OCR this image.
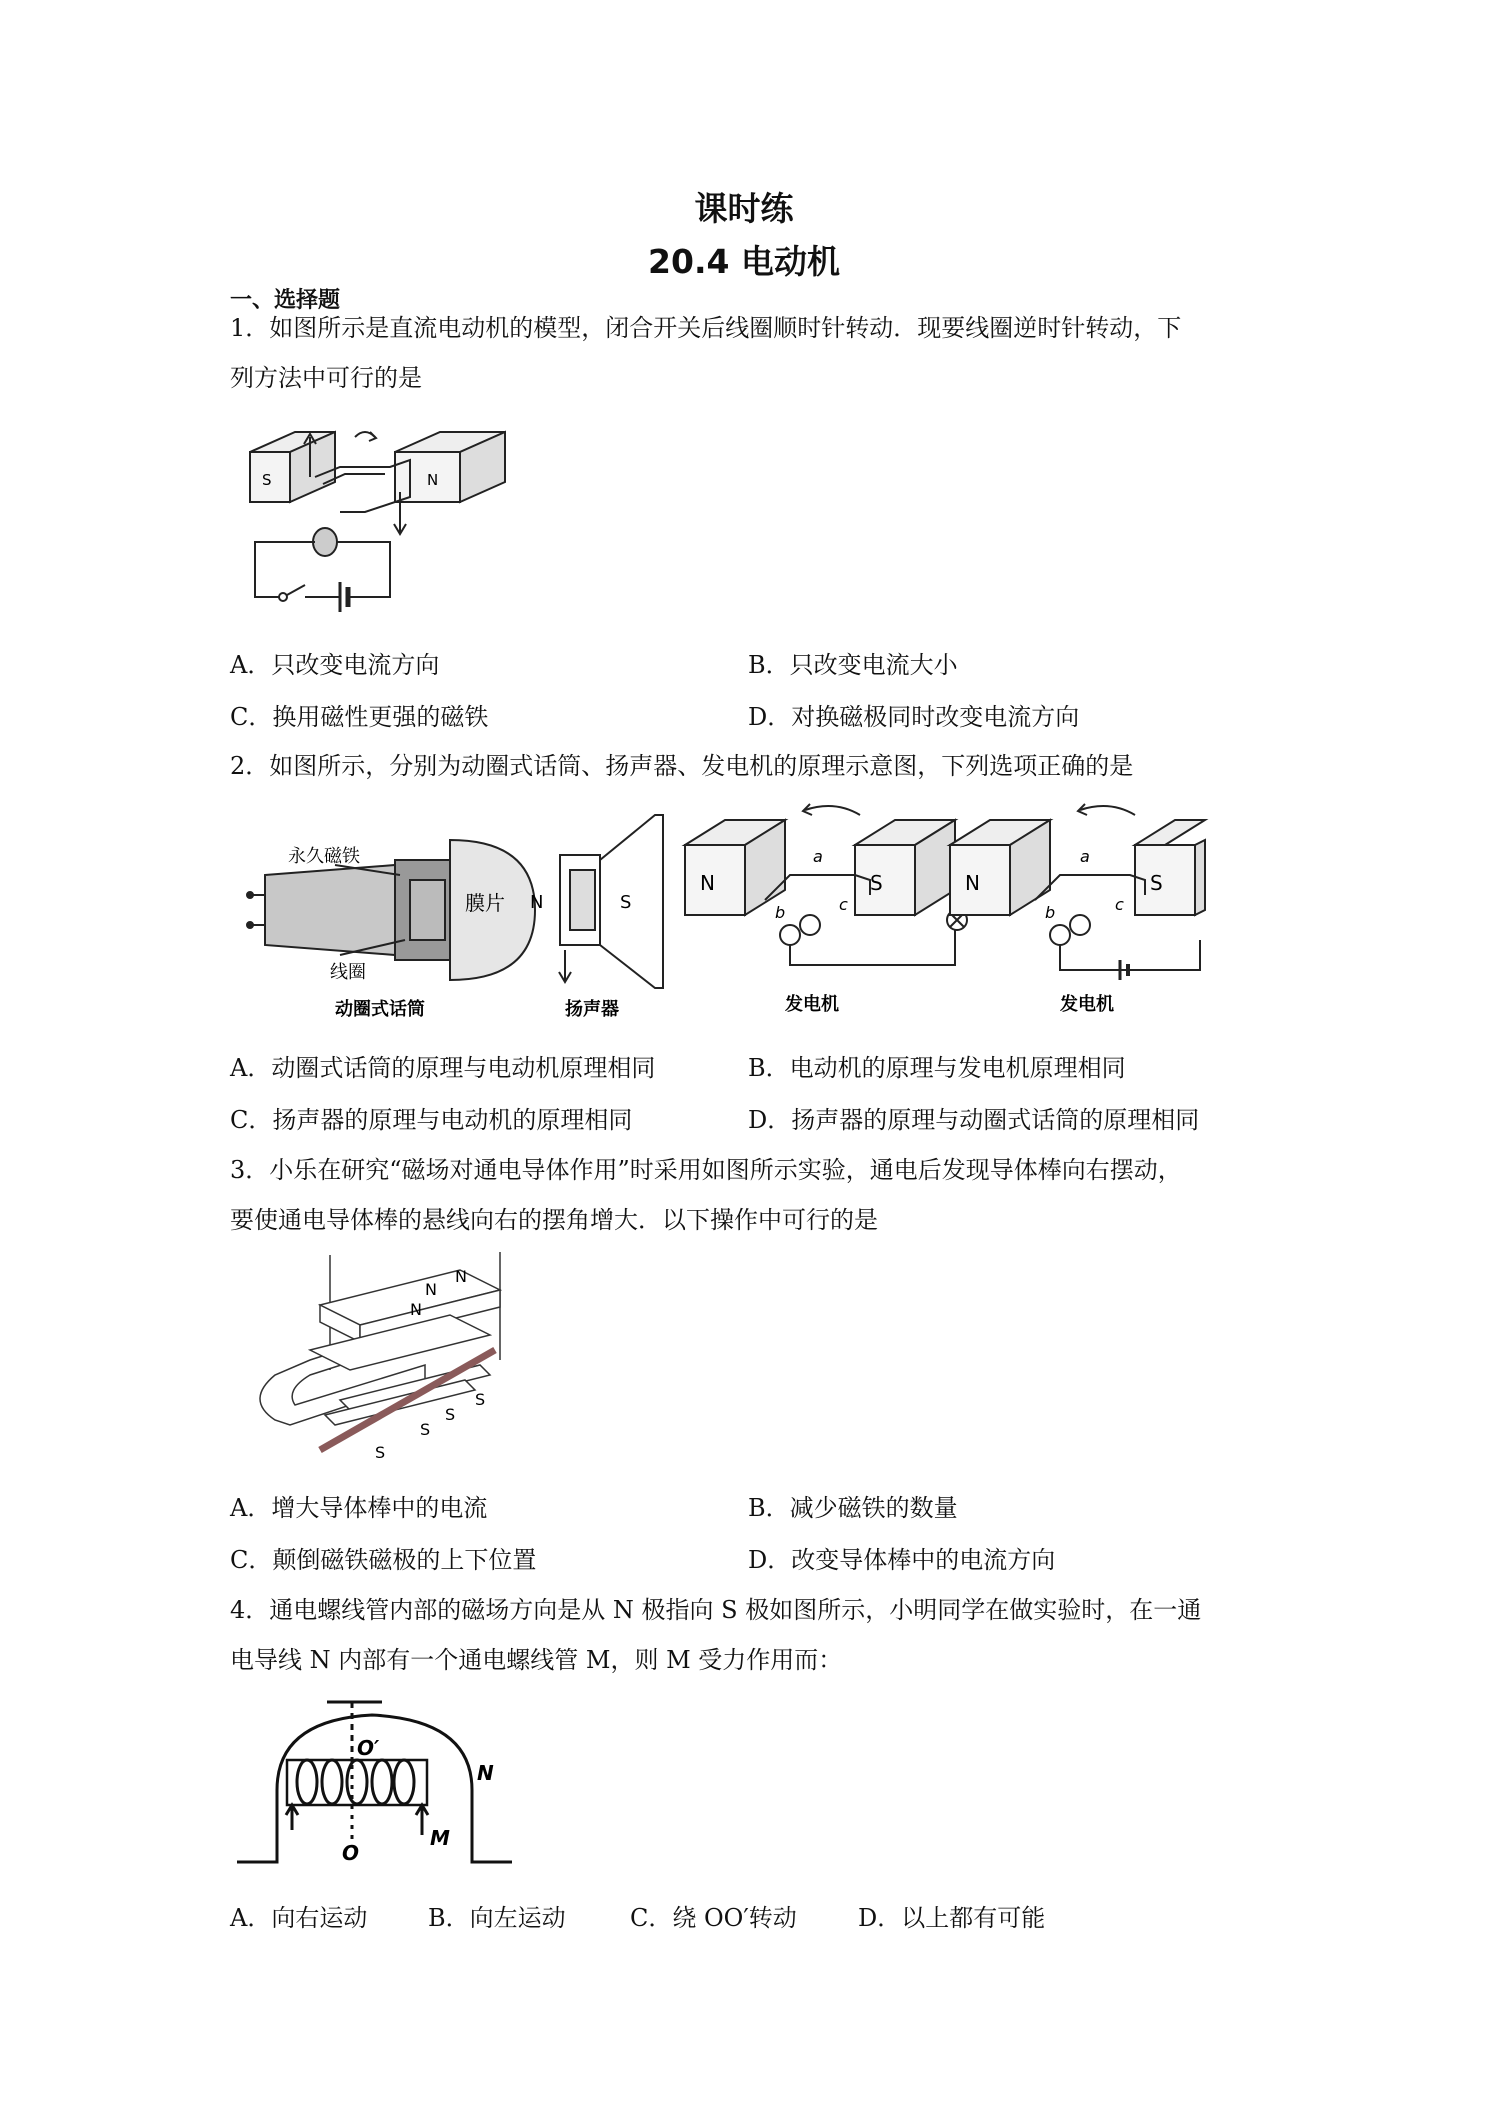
课时练
20.4 电动机
一、选择题
1．如图所示是直流电动机的模型，闭合开关后线圈顺时针转动．现要线圈逆时针转动，下
列方法中可行的是
S	N
A．只改变电流方向	B．只改变电流大小
C．换用磁性更强的磁铁	D．对换磁极同时改变电流方向
2．如图所示，分别为动圈式话筒、扬声器、发电机的原理示意图，下列选项正确的是
永久磁铁
线圈
膜片
动圈式话筒
N	S
扬声器
N	S
a
b	c
发电机
N	S
a
b	c
发电机
A．动圈式话筒的原理与电动机原理相同	B．电动机的原理与发电机原理相同
C．扬声器的原理与电动机的原理相同	D．扬声器的原理与动圈式话筒的原理相同
3．小乐在研究“磁场对通电导体作用”时采用如图所示实验，通电后发现导体棒向右摆动，
要使通电导体棒的悬线向右的摆角增大．以下操作中可行的是
N
N
N
S
S
S
S
A．增大导体棒中的电流	B．减少磁铁的数量
C．颠倒磁铁磁极的上下位置	D．改变导体棒中的电流方向
4．通电螺线管内部的磁场方向是从 N 极指向 S 极如图所示，小明同学在做实验时，在一通
电导线 N 内部有一个通电螺线管 M，则 M 受力作用而：
O′
O
N
M
A．向右运动	B．向左运动	C．绕 OO′转动	D．以上都有可能
